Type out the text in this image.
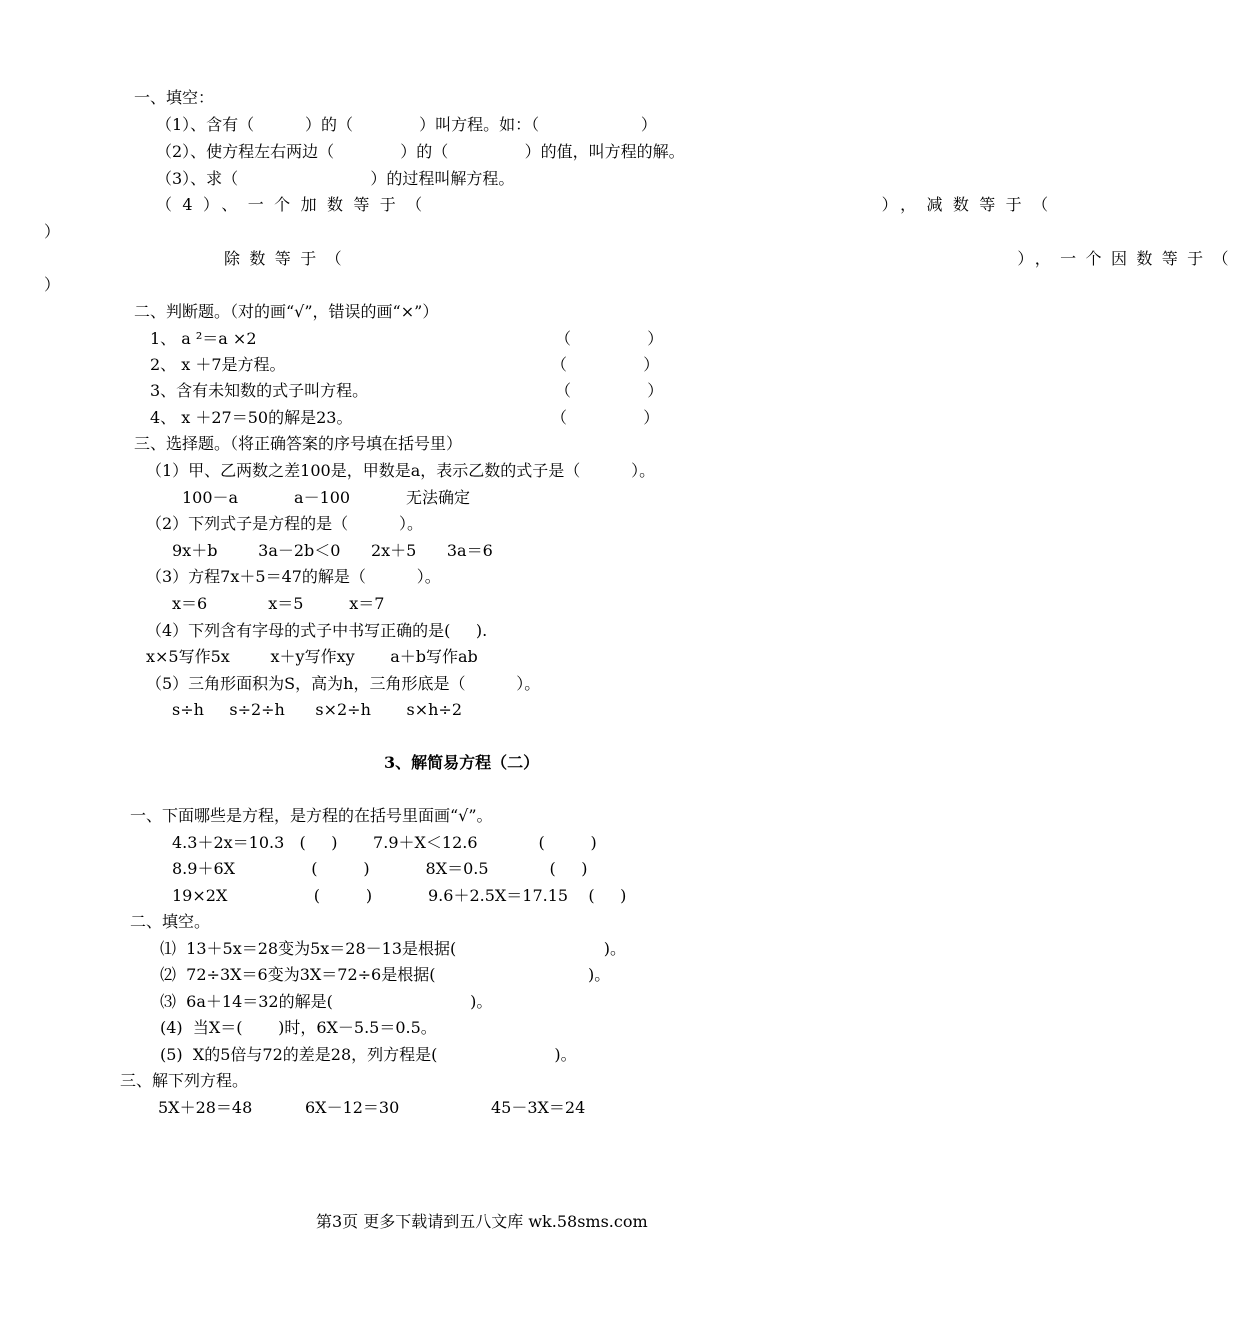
一、填空：
（1）、含有（          ）的（             ）叫方程。如：（                    ）
（2）、使方程左右两边（             ）的（               ）的值，叫方程的解。
（3）、求（                          ）的过程叫解方程。
（4）、一个加数等于（                             ），减数等于（
）
除数等于（                                              ），一个因数等于（
）
二、判断题。（对的画“√”，错误的画“×”）
1、 a ²＝a ×2	（               ）
2、 x ＋7是方程。	（               ）
3、含有未知数的式子叫方程。	（               ）
4、 x ＋27＝50的解是23。	（               ）
三、选择题。（将正确答案的序号填在括号里）
（1）甲、乙两数之差100是，甲数是a，表示乙数的式子是（          ）。
100－a           a－100           无法确定
（2）下列式子是方程的是（          ）。
9x＋b        3a－2b＜0      2x＋5      3a＝6
（3）方程7x＋5＝47的解是（          ）。
x＝6            x＝5         x＝7
（4）下列含有字母的式子中书写正确的是(     ).
x×5写作5x        x＋y写作xy       a＋b写作ab
（5）三角形面积为S，高为h，三角形底是（          ）。
s÷h     s÷2÷h      s×2÷h       s×h÷2
3、解简易方程（二）
一、下面哪些是方程，是方程的在括号里面画“√”。
4.3＋2x＝10.3   (     )       7.9＋X＜12.6            (         )
8.9＋6X               (         )           8X＝0.5            (     )
19×2X                 (         )           9.6＋2.5X＝17.15    (     )
二、填空。
⑴  13＋5x＝28变为5x＝28－13是根据(                             )。
⑵  72÷3X＝6变为3X＝72÷6是根据(                              )。
⑶  6a＋14＝32的解是(                           )。
(4)  当X＝(       )时，6X－5.5＝0.5。
(5)  X的5倍与72的差是28，列方程是(                       )。
三、解下列方程。
5X＋28＝48	6X－12＝30	45－3X＝24
第3页 更多下载请到五八文库 wk.58sms.com
